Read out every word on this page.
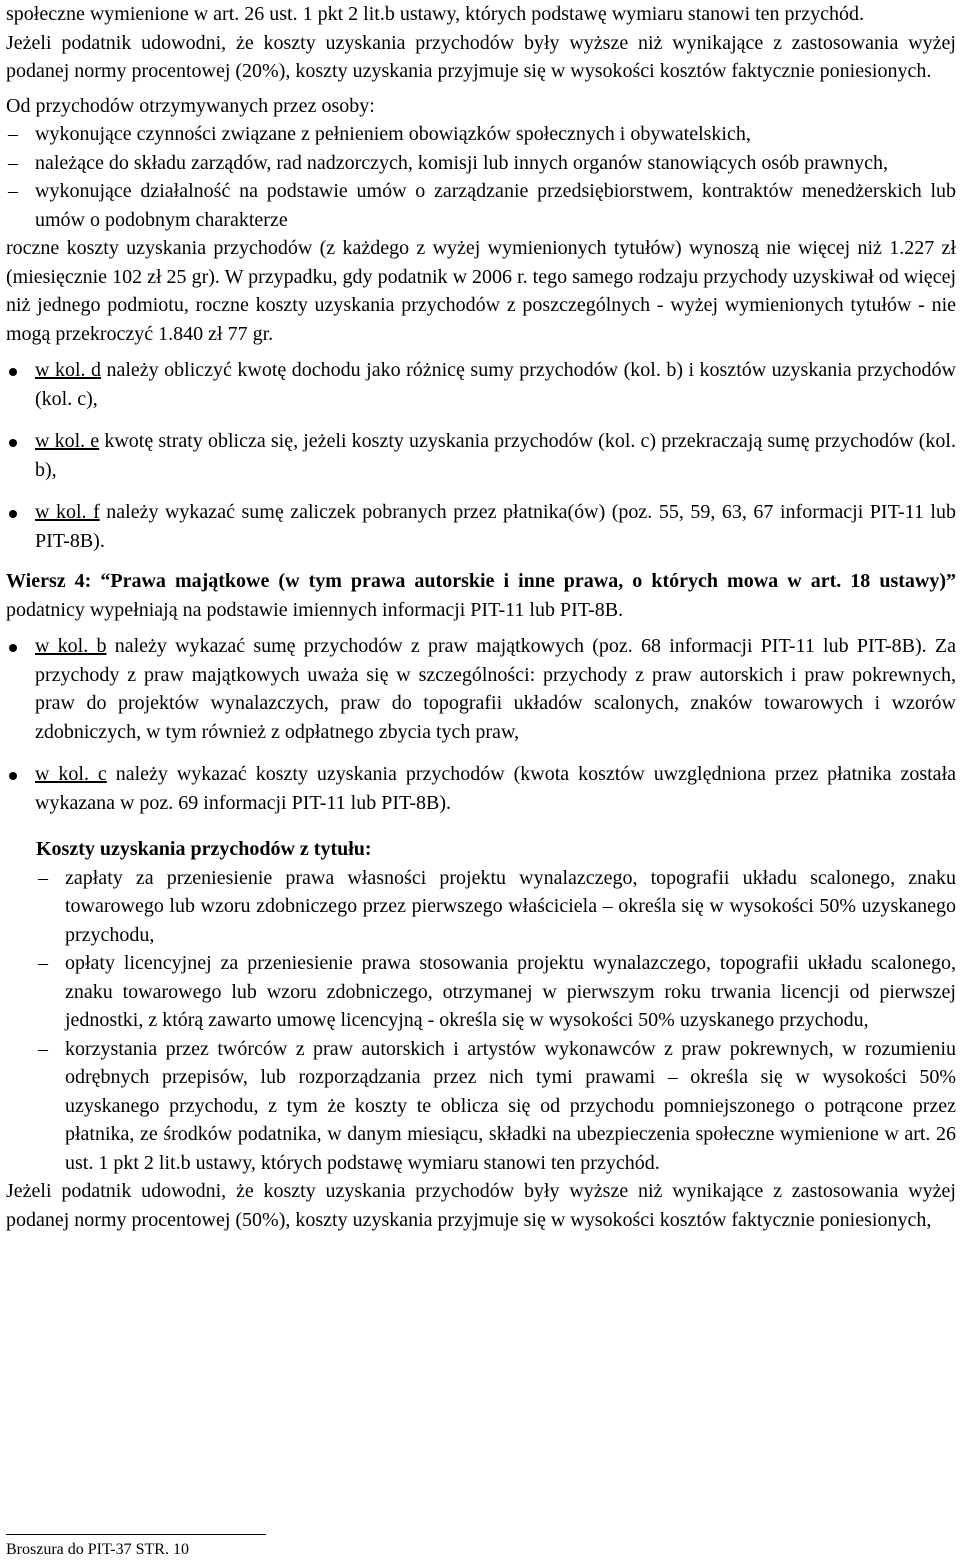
społeczne wymienione w art. 26 ust. 1 pkt 2 lit.b ustawy, których podstawę wymiaru stanowi ten przychód.

Jeżeli podatnik udowodni, że koszty uzyskania przychodów były wyższe niż wynikające z zastosowania wyżej podanej normy procentowej (20%), koszty uzyskania przyjmuje się w wysokości kosztów faktycznie poniesionych.

Od przychodów otrzymywanych przez osoby:

– wykonujące czynności związane z pełnieniem obowiązków społecznych i obywatelskich,
– należące do składu zarządów, rad nadzorczych, komisji lub innych organów stanowiących osób prawnych,
– wykonujące działalność na podstawie umów o zarządzanie przedsiębiorstwem, kontraktów menedżerskich lub umów o podobnym charakterze

roczne koszty uzyskania przychodów (z każdego z wyżej wymienionych tytułów) wynoszą nie więcej niż 1.227 zł (miesięcznie 102 zł 25 gr). W przypadku, gdy podatnik w 2006 r. tego samego rodzaju przychody uzyskiwał od więcej niż jednego podmiotu, roczne koszty uzyskania przychodów z poszczególnych - wyżej wymienionych tytułów - nie mogą przekroczyć 1.840 zł 77 gr.

w kol. d należy obliczyć kwotę dochodu jako różnicę sumy przychodów (kol. b) i kosztów uzyskania przychodów (kol. c),
w kol. e kwotę straty oblicza się, jeżeli koszty uzyskania przychodów (kol. c) przekraczają sumę przychodów (kol. b),
w kol. f należy wykazać sumę zaliczek pobranych przez płatnika(ów) (poz. 55, 59, 63, 67 informacji PIT-11 lub PIT-8B).

Wiersz 4: “Prawa majątkowe (w tym prawa autorskie i inne prawa, o których mowa w art. 18 ustawy)” podatnicy wypełniają na podstawie imiennych informacji PIT-11 lub PIT-8B.

w kol. b należy wykazać sumę przychodów z praw majątkowych (poz. 68 informacji PIT-11 lub PIT-8B). Za przychody z praw majątkowych uważa się w szczególności: przychody z praw autorskich i praw pokrewnych, praw do projektów wynalazczych, praw do topografii układów scalonych, znaków towarowych i wzorów zdobniczych, w tym również z odpłatnego zbycia tych praw,
w kol. c należy wykazać koszty uzyskania przychodów (kwota kosztów uwzględniona przez płatnika została wykazana w poz. 69 informacji PIT-11 lub PIT-8B).

Koszty uzyskania przychodów z tytułu:

– zapłaty za przeniesienie prawa własności projektu wynalazczego, topografii układu scalonego, znaku towarowego lub wzoru zdobniczego przez pierwszego właściciela – określa się w wysokości 50% uzyskanego przychodu,
– opłaty licencyjnej za przeniesienie prawa stosowania projektu wynalazczego, topografii układu scalonego, znaku towarowego lub wzoru zdobniczego, otrzymanej w pierwszym roku trwania licencji od pierwszej jednostki, z którą zawarto umowę licencyjną - określa się w wysokości 50% uzyskanego przychodu,
– korzystania przez twórców z praw autorskich i artystów wykonawców z praw pokrewnych, w rozumieniu odrębnych przepisów, lub rozporządzania przez nich tymi prawami – określa się w wysokości 50% uzyskanego przychodu, z tym że koszty te oblicza się od przychodu pomniejszonego o potrącone przez płatnika, ze środków podatnika, w danym miesiącu, składki na ubezpieczenia społeczne wymienione w art. 26 ust. 1 pkt 2 lit.b ustawy, których podstawę wymiaru stanowi ten przychód.

Jeżeli podatnik udowodni, że koszty uzyskania przychodów były wyższe niż wynikające z zastosowania wyżej podanej normy procentowej (50%), koszty uzyskania przyjmuje się w wysokości kosztów faktycznie poniesionych,

Broszura do PIT-37 STR. 10
